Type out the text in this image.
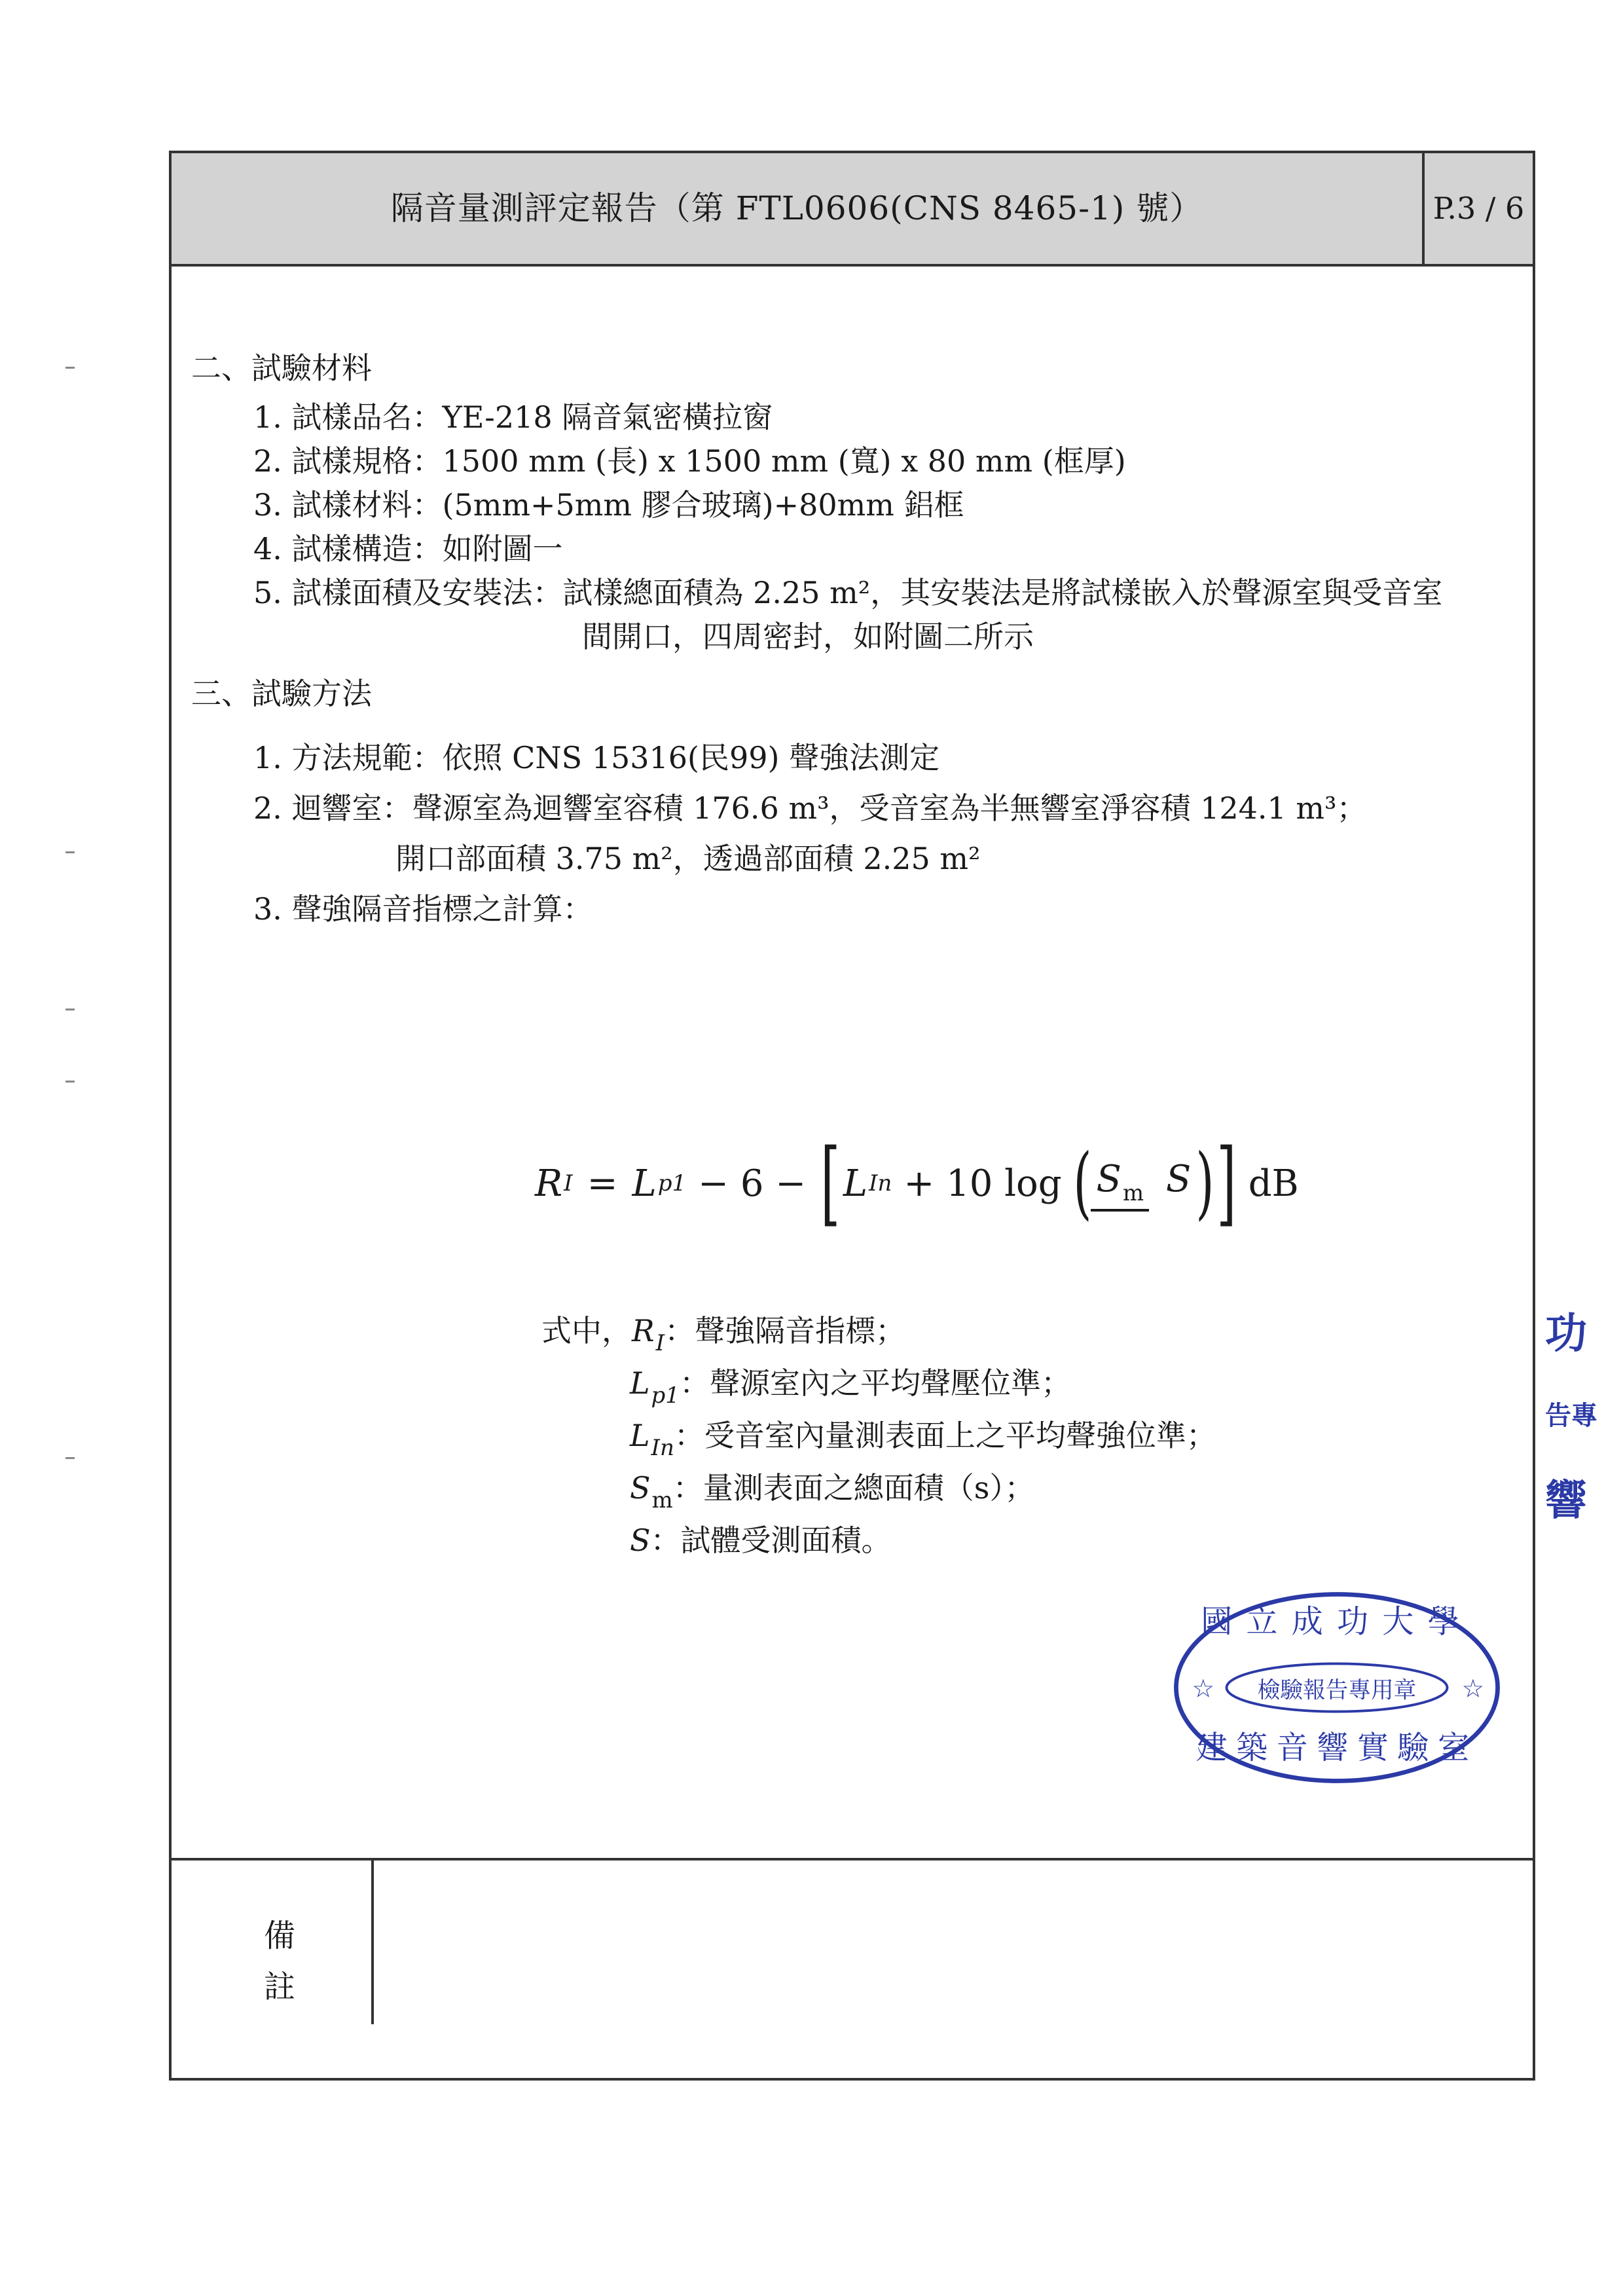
隔音量測評定報告（第 FTL0606(CNS 8465-1) 號）	P.3 / 6
二、試驗材料
1. 試樣品名：YE-218 隔音氣密橫拉窗
2. 試樣規格：1500 mm (長) x 1500 mm (寬) x 80 mm (框厚)
3. 試樣材料：(5mm+5mm 膠合玻璃)+80mm 鋁框
4. 試樣構造：如附圖一
5. 試樣面積及安裝法：試樣總面積為 2.25 m²，其安裝法是將試樣嵌入於聲源室與受音室
間開口，四周密封，如附圖二所示
三、試驗方法
1. 方法規範：依照 CNS 15316(民99) 聲強法測定
2. 迴響室：聲源室為迴響室容積 176.6 m³，受音室為半無響室淨容積 124.1 m³；
開口部面積 3.75 m²，透過部面積 2.25 m²
3. 聲強隔音指標之計算：
R I = L p1 − 6 − [ L In + 10 log ( Sm S ) ] dB
式中，$R_I$：聲強隔音指標；
$L_{p1}$：聲源室內之平均聲壓位準；
$L_{In}$：受音室內量測表面上之平均聲強位準；
$S_m$：量測表面之總面積（s）；
S：試體受測面積。
國立成功大學
檢驗報告專用章
☆	☆
建築音響實驗室
備
註
功
告專
響
